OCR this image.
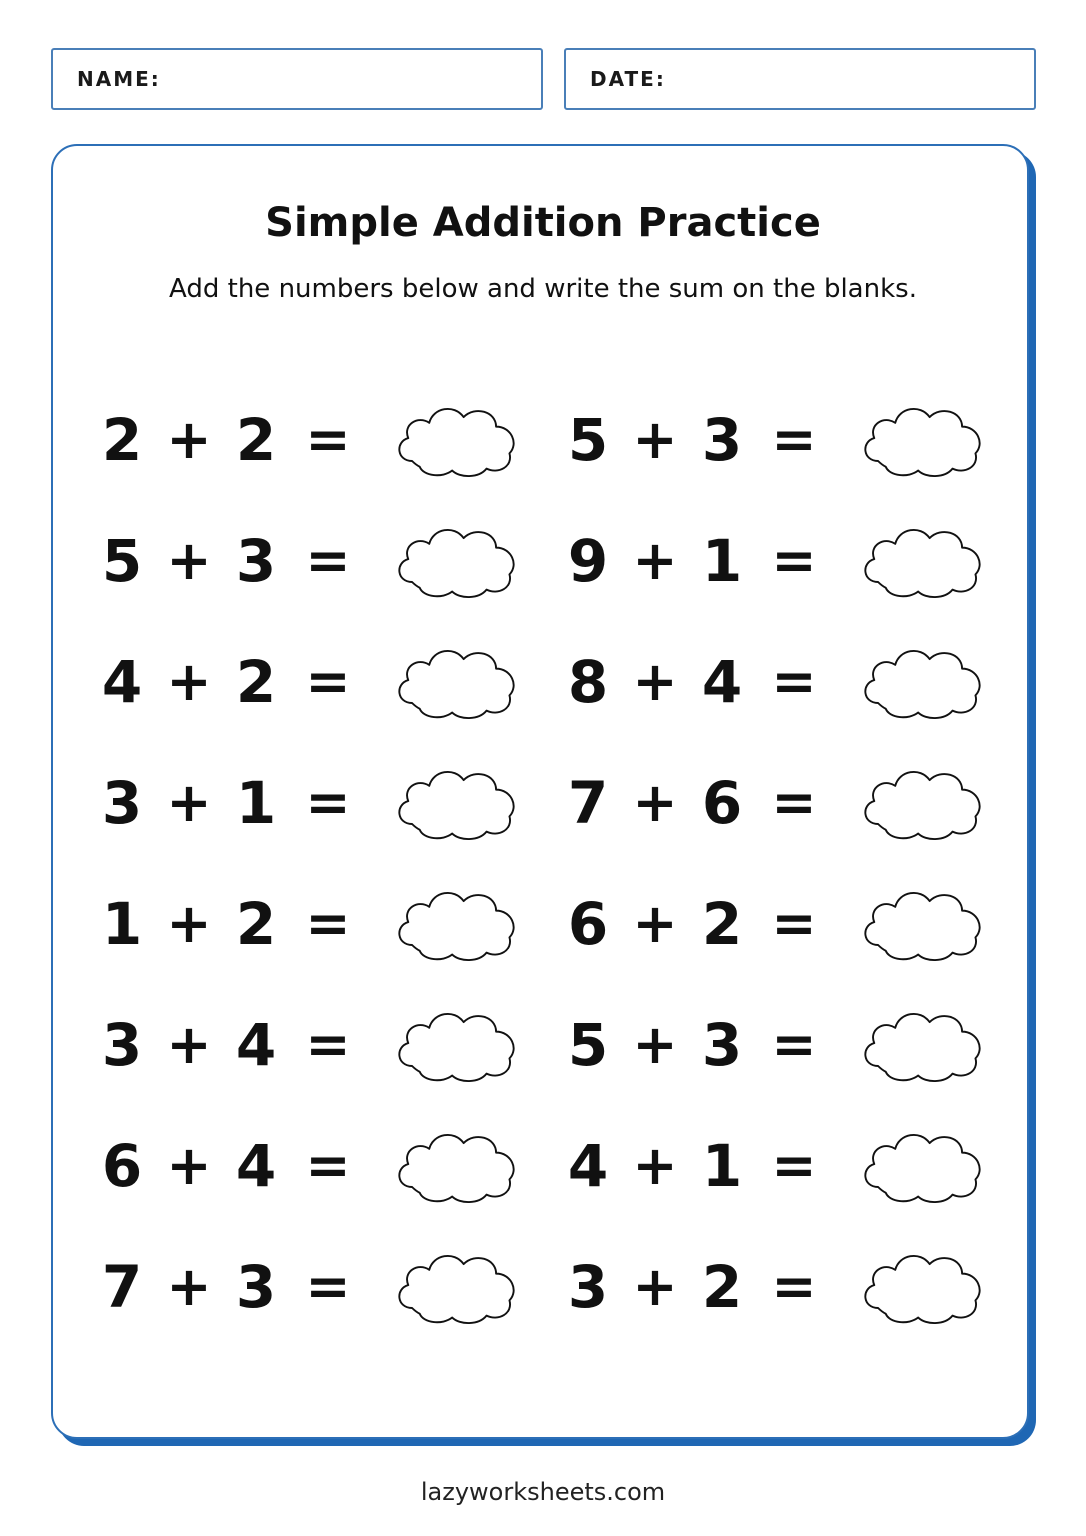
NAME:	DATE:
Simple Addition Practice
Add the numbers below and write the sum on the blanks.
2 + 2 =
5 + 3 =
4 + 2 =
3 + 1 =
1 + 2 =
3 + 4 =
6 + 4 =
7 + 3 =
5 + 3 =
9 + 1 =
8 + 4 =
7 + 6 =
6 + 2 =
5 + 3 =
4 + 1 =
3 + 2 =
lazyworksheets.com
